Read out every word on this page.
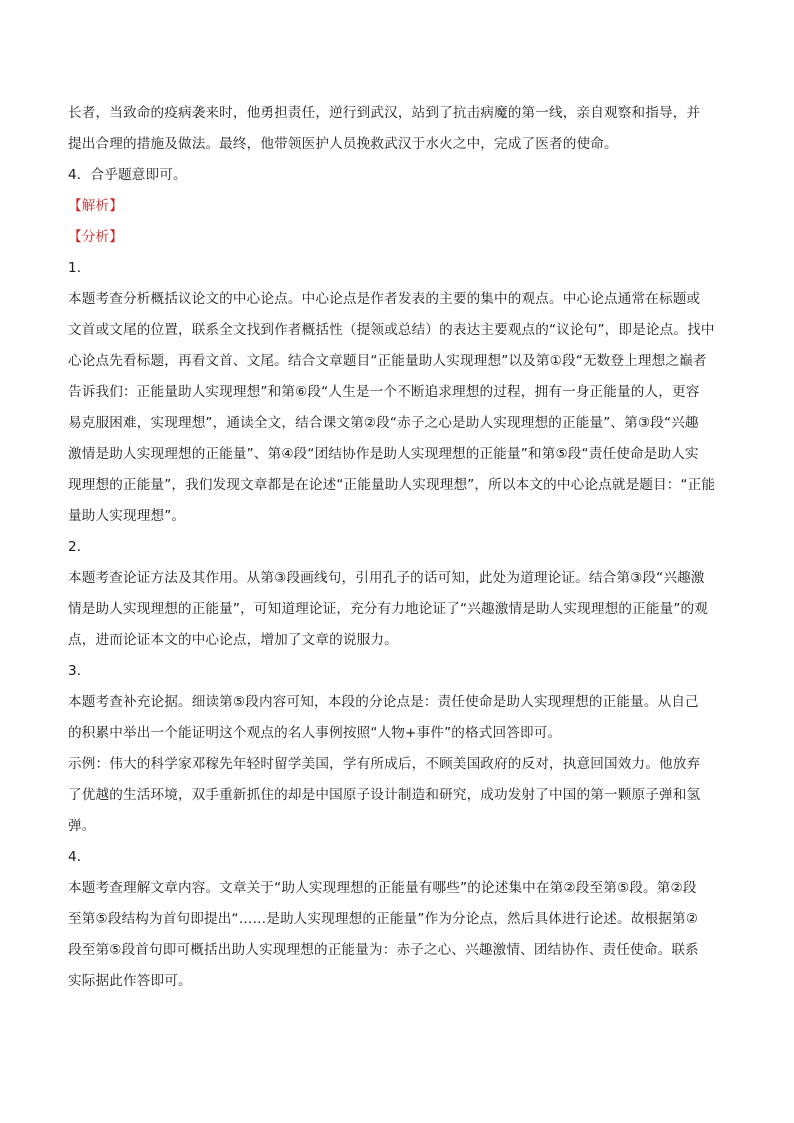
长者，当致命的疫病袭来时，他勇担责任，逆行到武汉，站到了抗击病魔的第一线，亲自观察和指导，并
提出合理的措施及做法。最终，他带领医护人员挽救武汉于水火之中，完成了医者的使命。
4．合乎题意即可。
【解析】
【分析】
1．
本题考查分析概括议论文的中心论点。中心论点是作者发表的主要的集中的观点。中心论点通常在标题或
文首或文尾的位置，联系全文找到作者概括性（提领或总结）的表达主要观点的“议论句”，即是论点。找中
心论点先看标题，再看文首、文尾。结合文章题目“正能量助人实现理想”以及第①段“无数登上理想之巅者
告诉我们：正能量助人实现理想”和第⑥段“人生是一个不断追求理想的过程，拥有一身正能量的人，更容
易克服困难，实现理想”，通读全文，结合课文第②段“赤子之心是助人实现理想的正能量”、第③段“兴趣
激情是助人实现理想的正能量”、第④段“团结协作是助人实现理想的正能量”和第⑤段“责任使命是助人实
现理想的正能量”，我们发现文章都是在论述“正能量助人实现理想”，所以本文的中心论点就是题目：“正能
量助人实现理想”。
2．
本题考查论证方法及其作用。从第③段画线句，引用孔子的话可知，此处为道理论证。结合第③段“兴趣激
情是助人实现理想的正能量”，可知道理论证，充分有力地论证了“兴趣激情是助人实现理想的正能量”的观
点，进而论证本文的中心论点，增加了文章的说服力。
3．
本题考查补充论据。细读第⑤段内容可知，本段的分论点是：责任使命是助人实现理想的正能量。从自己
的积累中举出一个能证明这个观点的名人事例按照“人物+事件”的格式回答即可。
示例：伟大的科学家邓稼先年轻时留学美国，学有所成后，不顾美国政府的反对，执意回国效力。他放弃
了优越的生活环境，双手重新抓住的却是中国原子设计制造和研究，成功发射了中国的第一颗原子弹和氢
弹。
4．
本题考查理解文章内容。文章关于“助人实现理想的正能量有哪些”的论述集中在第②段至第⑤段。第②段
至第⑤段结构为首句即提出“……是助人实现理想的正能量”作为分论点，然后具体进行论述。故根据第②
段至第⑤段首句即可概括出助人实现理想的正能量为：赤子之心、兴趣激情、团结协作、责任使命。联系
实际据此作答即可。
